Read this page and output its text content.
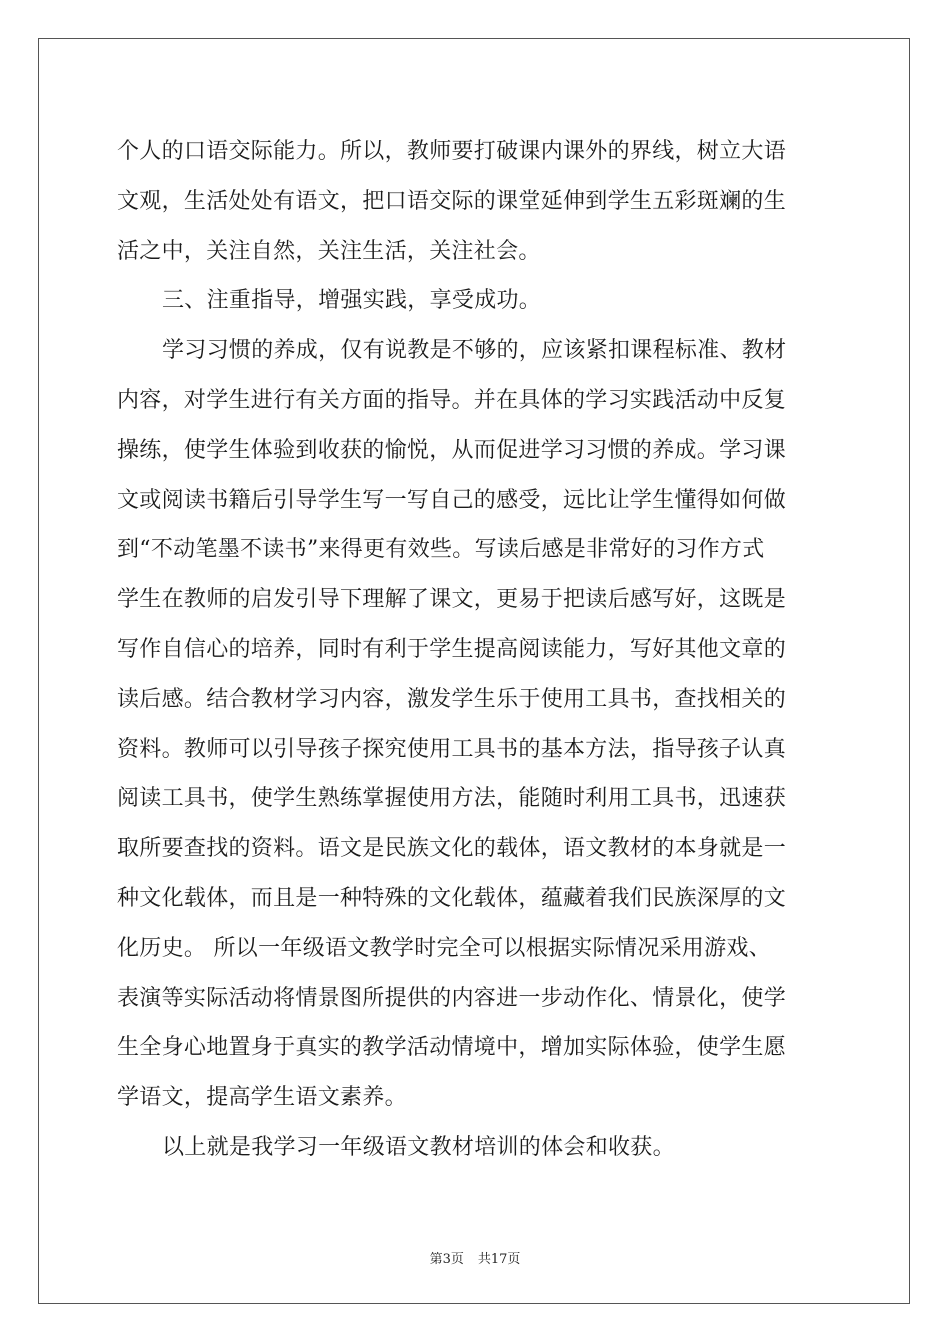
个人的口语交际能力。所以，教师要打破课内课外的界线，树立大语
文观，生活处处有语文，把口语交际的课堂延伸到学生五彩斑斓的生
活之中，关注自然，关注生活，关注社会。
三、注重指导，增强实践，享受成功。
学习习惯的养成，仅有说教是不够的，应该紧扣课程标准、教材
内容，对学生进行有关方面的指导。并在具体的学习实践活动中反复
操练，使学生体验到收获的愉悦，从而促进学习习惯的养成。学习课
文或阅读书籍后引导学生写一写自己的感受，远比让学生懂得如何做
到“不动笔墨不读书”来得更有效些。写读后感是非常好的习作方式
学生在教师的启发引导下理解了课文，更易于把读后感写好，这既是
写作自信心的培养，同时有利于学生提高阅读能力，写好其他文章的
读后感。结合教材学习内容，激发学生乐于使用工具书，查找相关的
资料。教师可以引导孩子探究使用工具书的基本方法，指导孩子认真
阅读工具书，使学生熟练掌握使用方法，能随时利用工具书，迅速获
取所要查找的资料。语文是民族文化的载体，语文教材的本身就是一
种文化载体，而且是一种特殊的文化载体，蕴藏着我们民族深厚的文
化历史。 所以一年级语文教学时完全可以根据实际情况采用游戏、
表演等实际活动将情景图所提供的内容进一步动作化、情景化，使学
生全身心地置身于真实的教学活动情境中，增加实际体验，使学生愿
学语文，提高学生语文素养。
以上就是我学习一年级语文教材培训的体会和收获。
第3页 共17页
